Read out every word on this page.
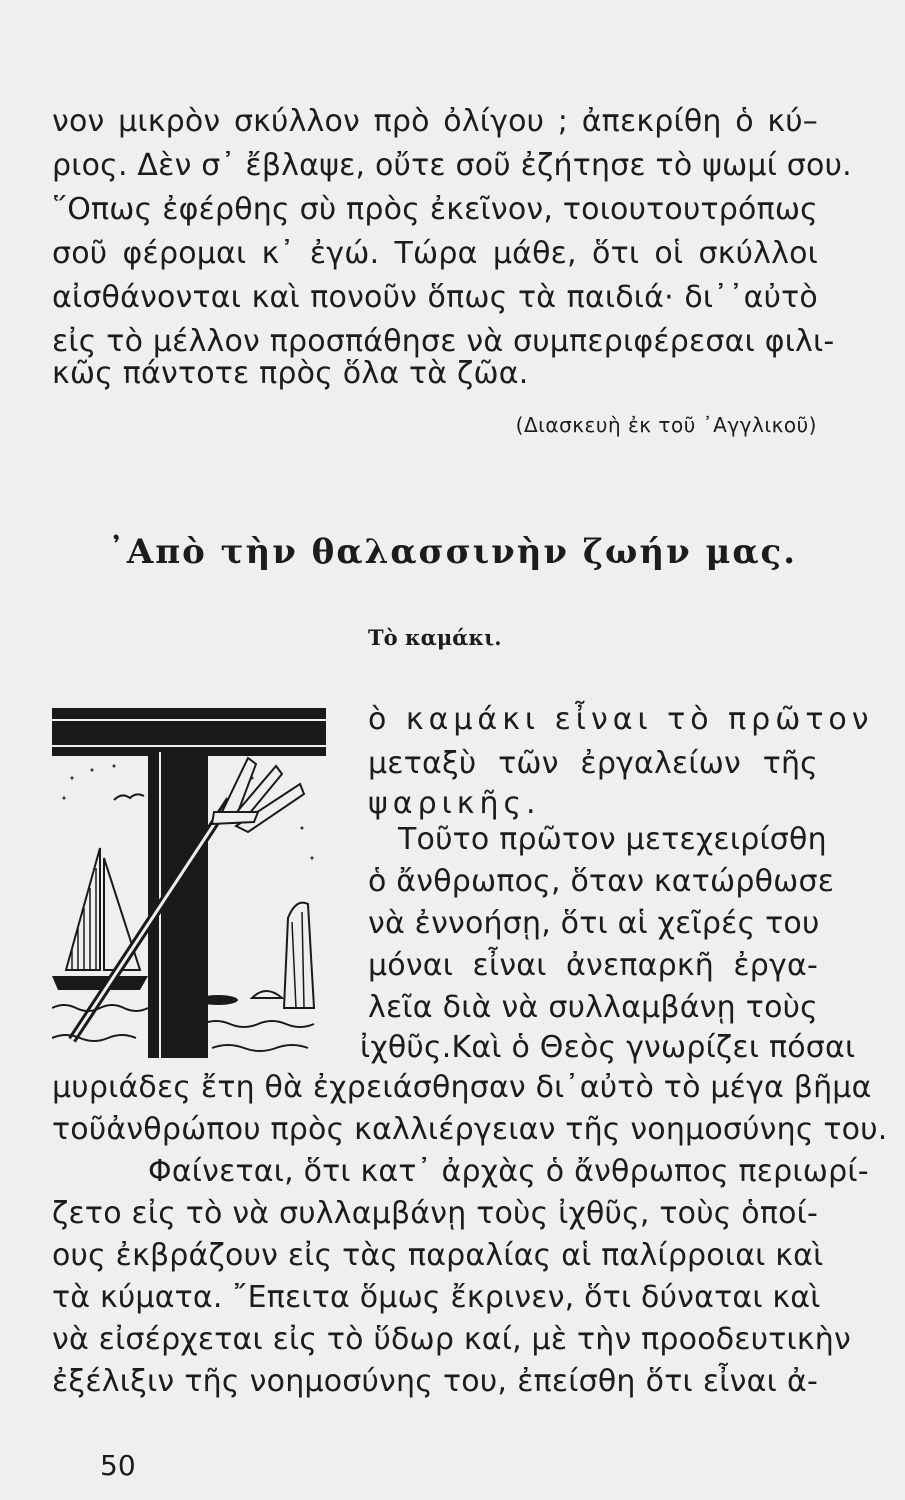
νον μικρὸν σκύλλον πρὸ ὀλίγου ; ἀπεκρίθη ὁ κύ–
ριος. Δὲν σ᾽ ἔβλαψε, οὔτε σοῦ ἐζήτησε τὸ ψωμί σου.
῞Οπως ἐφέρθης σὺ πρὸς ἐκεῖνον, τοιουτουτρόπως
σοῦ φέρομαι κ᾽ ἐγώ. Τώρα μάθε, ὅτι οἱ σκύλλοι
αἰσθάνονται καὶ πονοῦν ὅπως τὰ παιδιά· δι᾽᾽αὐτὸ
εἰς τὸ μέλλον προσπάθησε νὰ συμπεριφέρεσαι φιλι-
κῶς πάντοτε πρὸς ὅλα τὰ ζῶα.
(Διασκευὴ ἐκ τοῦ ᾽Αγγλικοῦ)
᾽Απὸ τὴν θαλασσινὴν ζωήν μας.
Τὸ καμάκι.
ὸ καμάκι εἶναι τὸ πρῶτον
μεταξὺ τῶν ἐργαλείων τῆς
ψαρικῆς.
Τοῦτο πρῶτον μετεχειρίσθη
ὁ ἄνθρωπος, ὅταν κατώρθωσε
νὰ ἐννοήσῃ, ὅτι αἱ χεῖρές του
μόναι εἶναι ἀνεπαρκῆ ἐργα-
λεῖα διὰ νὰ συλλαμβάνῃ τοὺς
ἰχθῦς.Καὶ ὁ Θεὸς γνωρίζει πόσαι
μυριάδες ἔτη θὰ ἐχρειάσθησαν δι᾽αὐτὸ τὸ μέγα βῆμα
τοῦἀνθρώπου πρὸς καλλιέργειαν τῆς νοημοσύνης του.
Φαίνεται, ὅτι κατ᾽ ἀρχὰς ὁ ἄνθρωπος περιωρί-
ζετο εἰς τὸ νὰ συλλαμβάνῃ τοὺς ἰχθῦς, τοὺς ὁποί-
ους ἐκβράζουν εἰς τὰς παραλίας αἱ παλίρροιαι καὶ
τὰ κύματα. ῎Επειτα ὅμως ἔκρινεν, ὅτι δύναται καὶ
νὰ εἰσέρχεται εἰς τὸ ὕδωρ καί, μὲ τὴν προοδευτικὴν
ἐξέλιξιν τῆς νοημοσύνης του, ἐπείσθη ὅτι εἶναι ἀ-
50
